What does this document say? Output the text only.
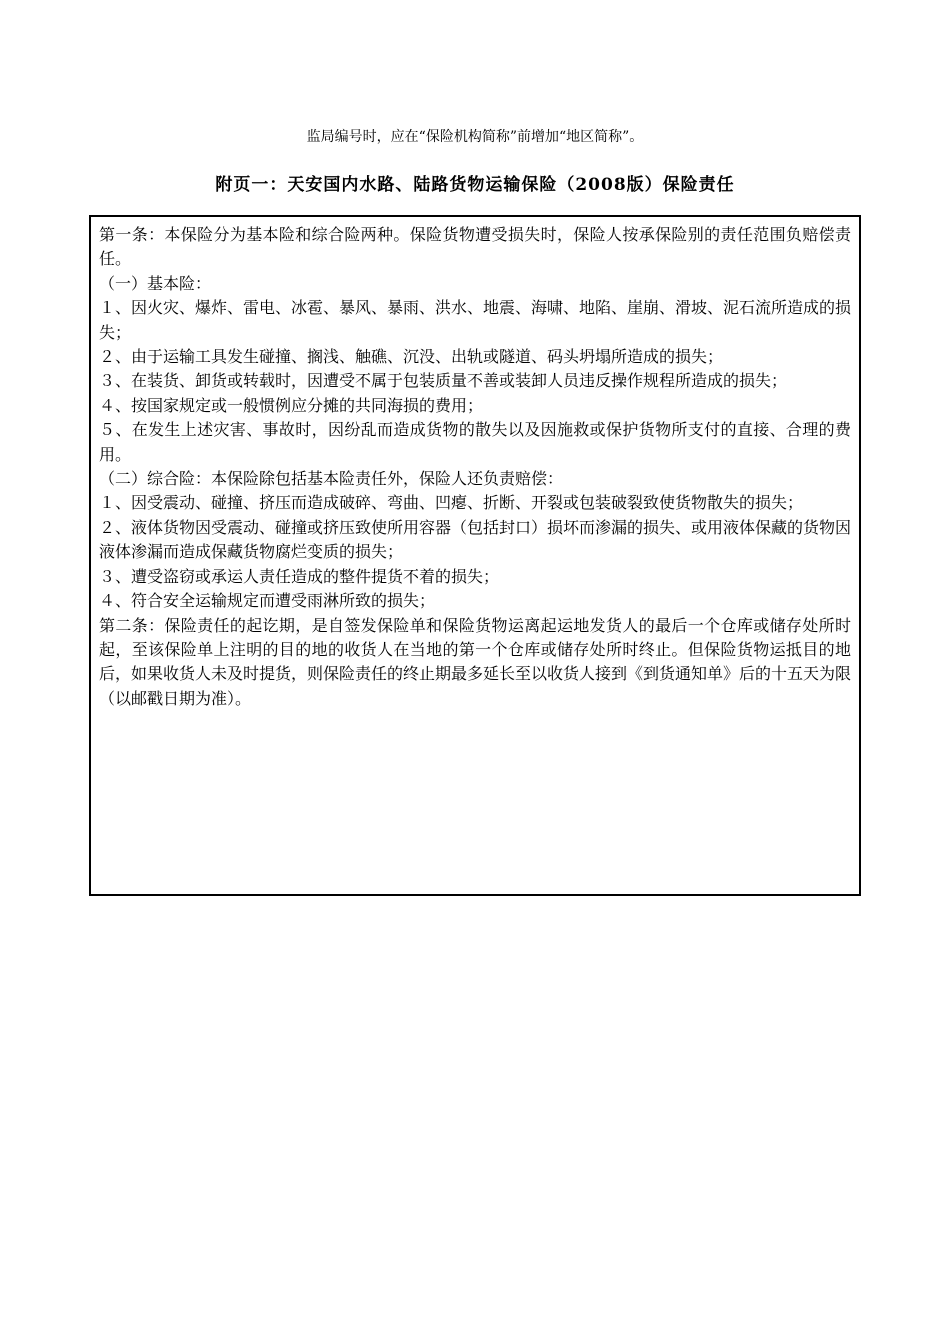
监局编号时，应在“保险机构简称”前增加“地区简称”。
附页一：天安国内水路、陆路货物运输保险（2008版）保险责任

第一条：本保险分为基本险和综合险两种。保险货物遭受损失时，保险人按承保险别的责任范围负赔偿责任。

（一）基本险：

１、因火灾、爆炸、雷电、冰雹、暴风、暴雨、洪水、地震、海啸、地陷、崖崩、滑坡、泥石流所造成的损失；

２、由于运输工具发生碰撞、搁浅、触礁、沉没、出轨或隧道、码头坍塌所造成的损失；

３、在装货、卸货或转载时，因遭受不属于包装质量不善或装卸人员违反操作规程所造成的损失；

４、按国家规定或一般惯例应分摊的共同海损的费用；

５、在发生上述灾害、事故时，因纷乱而造成货物的散失以及因施救或保护货物所支付的直接、合理的费用。

（二）综合险：本保险除包括基本险责任外，保险人还负责赔偿：

１、因受震动、碰撞、挤压而造成破碎、弯曲、凹瘪、折断、开裂或包装破裂致使货物散失的损失；

２、液体货物因受震动、碰撞或挤压致使所用容器（包括封口）损坏而渗漏的损失、或用液体保藏的货物因液体渗漏而造成保藏货物腐烂变质的损失；

３、遭受盗窃或承运人责任造成的整件提货不着的损失；

４、符合安全运输规定而遭受雨淋所致的损失；

第二条：保险责任的起讫期，是自签发保险单和保险货物运离起运地发货人的最后一个仓库或储存处所时起，至该保险单上注明的目的地的收货人在当地的第一个仓库或储存处所时终止。但保险货物运抵目的地后，如果收货人未及时提货，则保险责任的终止期最多延长至以收货人接到《到货通知单》后的十五天为限（以邮戳日期为准）。
